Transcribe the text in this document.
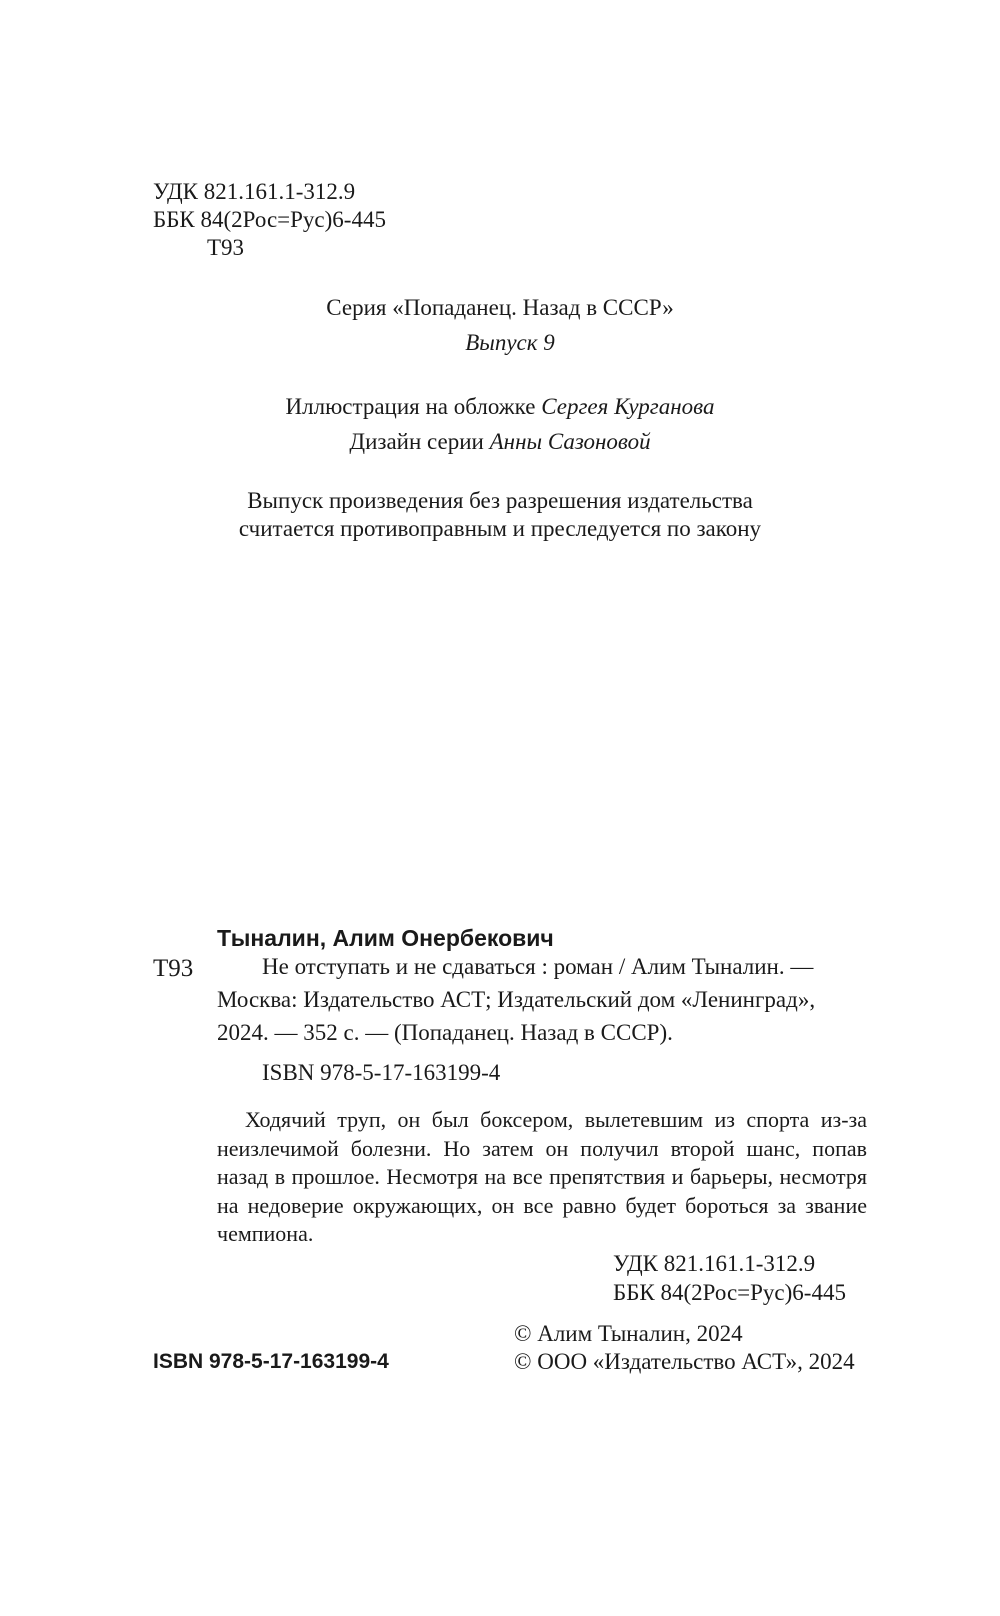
УДК 821.161.1-312.9
ББК 84(2Рос=Рус)6-445
Т93
Серия «Попаданец. Назад в СССР»
Выпуск 9
Иллюстрация на обложке Сергея Курганова
Дизайн серии Анны Сазоновой
Выпуск произведения без разрешения издательства
считается противоправным и преследуется по закону
Тыналин, Алим Онербекович
Т93	Не отступать и не сдаваться : роман / Алим Тыналин. —
Москва: Издательство АСТ; Издательский дом «Ленинград»,
2024. — 352 с. — (Попаданец. Назад в СССР).
ISBN 978-5-17-163199-4
Ходячий труп, он был боксером, вылетевшим из спорта из-за неизлечимой болезни. Но затем он получил второй шанс, попав назад в прошлое. Несмотря на все препятствия и барьеры, несмотря на недоверие окружающих, он все равно будет бороться за звание чемпиона.
УДК 821.161.1-312.9
ББК 84(2Рос=Рус)6-445
© Алим Тыналин, 2024
© ООО «Издательство АСТ», 2024
ISBN 978-5-17-163199-4
